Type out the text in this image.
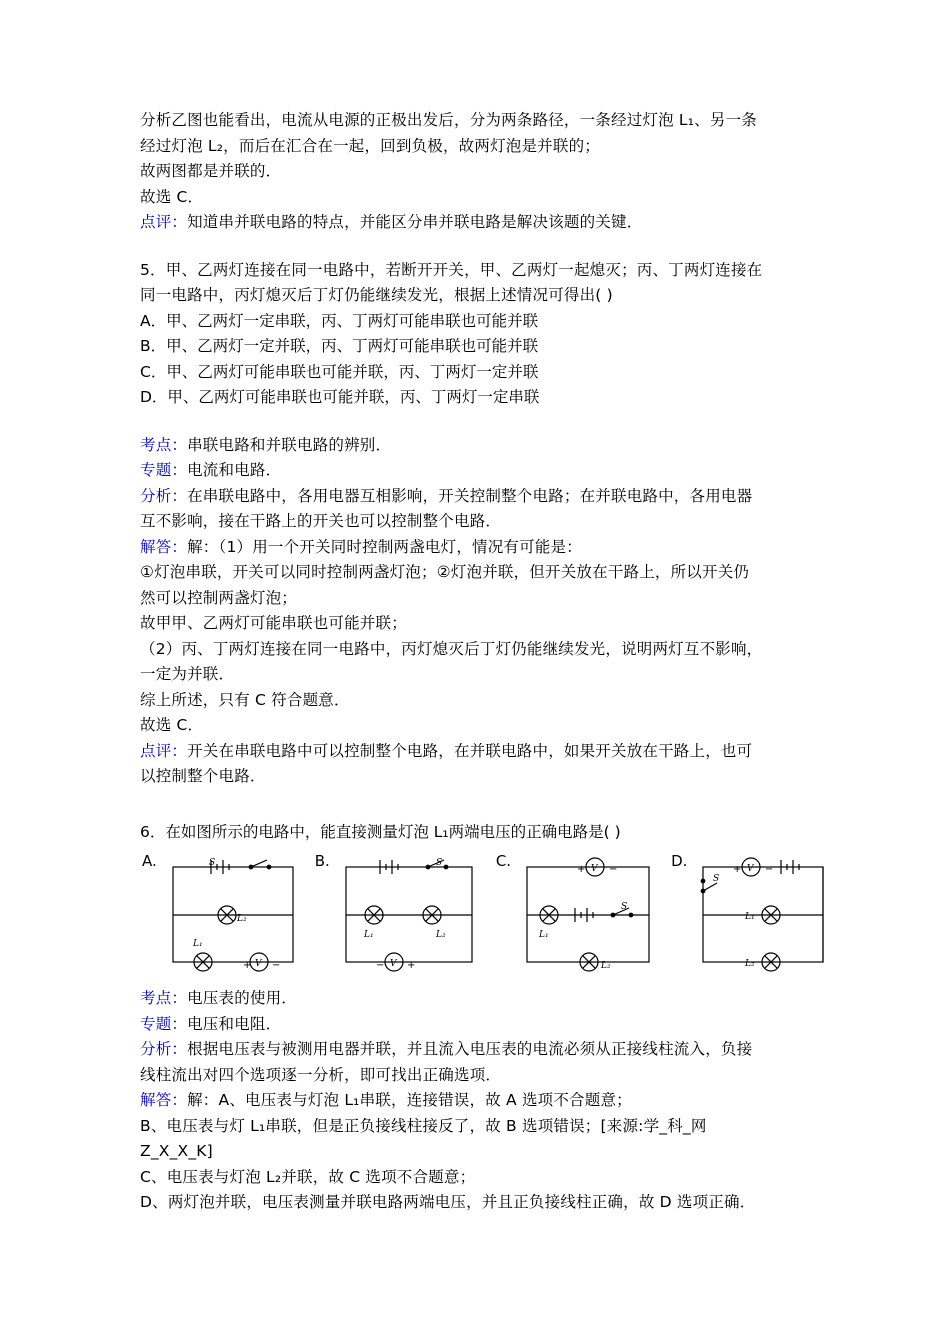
分析乙图也能看出，电流从电源的正极出发后，分为两条路径，一条经过灯泡 L₁、另一条
经过灯泡 L₂，而后在汇合在一起，回到负极，故两灯泡是并联的；
故两图都是并联的．
故选 C．
点评：知道串并联电路的特点，并能区分串并联电路是解决该题的关键．
5．甲、乙两灯连接在同一电路中，若断开开关，甲、乙两灯一起熄灭；丙、丁两灯连接在
同一电路中，丙灯熄灭后丁灯仍能继续发光，根据上述情况可得出( )
A．甲、乙两灯一定串联，丙、丁两灯可能串联也可能并联
B．甲、乙两灯一定并联，丙、丁两灯可能串联也可能并联
C．甲、乙两灯可能串联也可能并联，丙、丁两灯一定并联
D．甲、乙两灯可能串联也可能并联，丙、丁两灯一定串联
考点：串联电路和并联电路的辨别．
专题：电流和电路．
分析：在串联电路中，各用电器互相影响，开关控制整个电路；在并联电路中，各用电器
互不影响，接在干路上的开关也可以控制整个电路．
解答：解：（1）用一个开关同时控制两盏电灯，情况有可能是：
①灯泡串联，开关可以同时控制两盏灯泡；②灯泡并联，但开关放在干路上，所以开关仍
然可以控制两盏灯泡；
故甲甲、乙两灯可能串联也可能并联；
（2）丙、丁两灯连接在同一电路中，丙灯熄灭后丁灯仍能继续发光，说明两灯互不影响，
一定为并联．
综上所述，只有 C 符合题意．
故选 C．
点评：开关在串联电路中可以控制整个电路，在并联电路中，如果开关放在干路上，也可
以控制整个电路．
6．在如图所示的电路中，能直接测量灯泡 L₁两端电压的正确电路是( )
A.	S
L₂
L₁
V
+ −
B.	S
L₁	L₂
V
− +
C.	V
+ −
S
L₁
L₂
D.
S
V
+ −
L₁
L₂
考点：电压表的使用．
专题：电压和电阻．
分析：根据电压表与被测用电器并联，并且流入电压表的电流必须从正接线柱流入，负接
线柱流出对四个选项逐一分析，即可找出正确选项．
解答：解：A、电压表与灯泡 L₁串联，连接错误，故 A 选项不合题意；
B、电压表与灯 L₁串联，但是正负接线柱接反了，故 B 选项错误；[来源:学_科_网
Z_X_X_K]
C、电压表与灯泡 L₂并联，故 C 选项不合题意；
D、两灯泡并联，电压表测量并联电路两端电压，并且正负接线柱正确，故 D 选项正确．
